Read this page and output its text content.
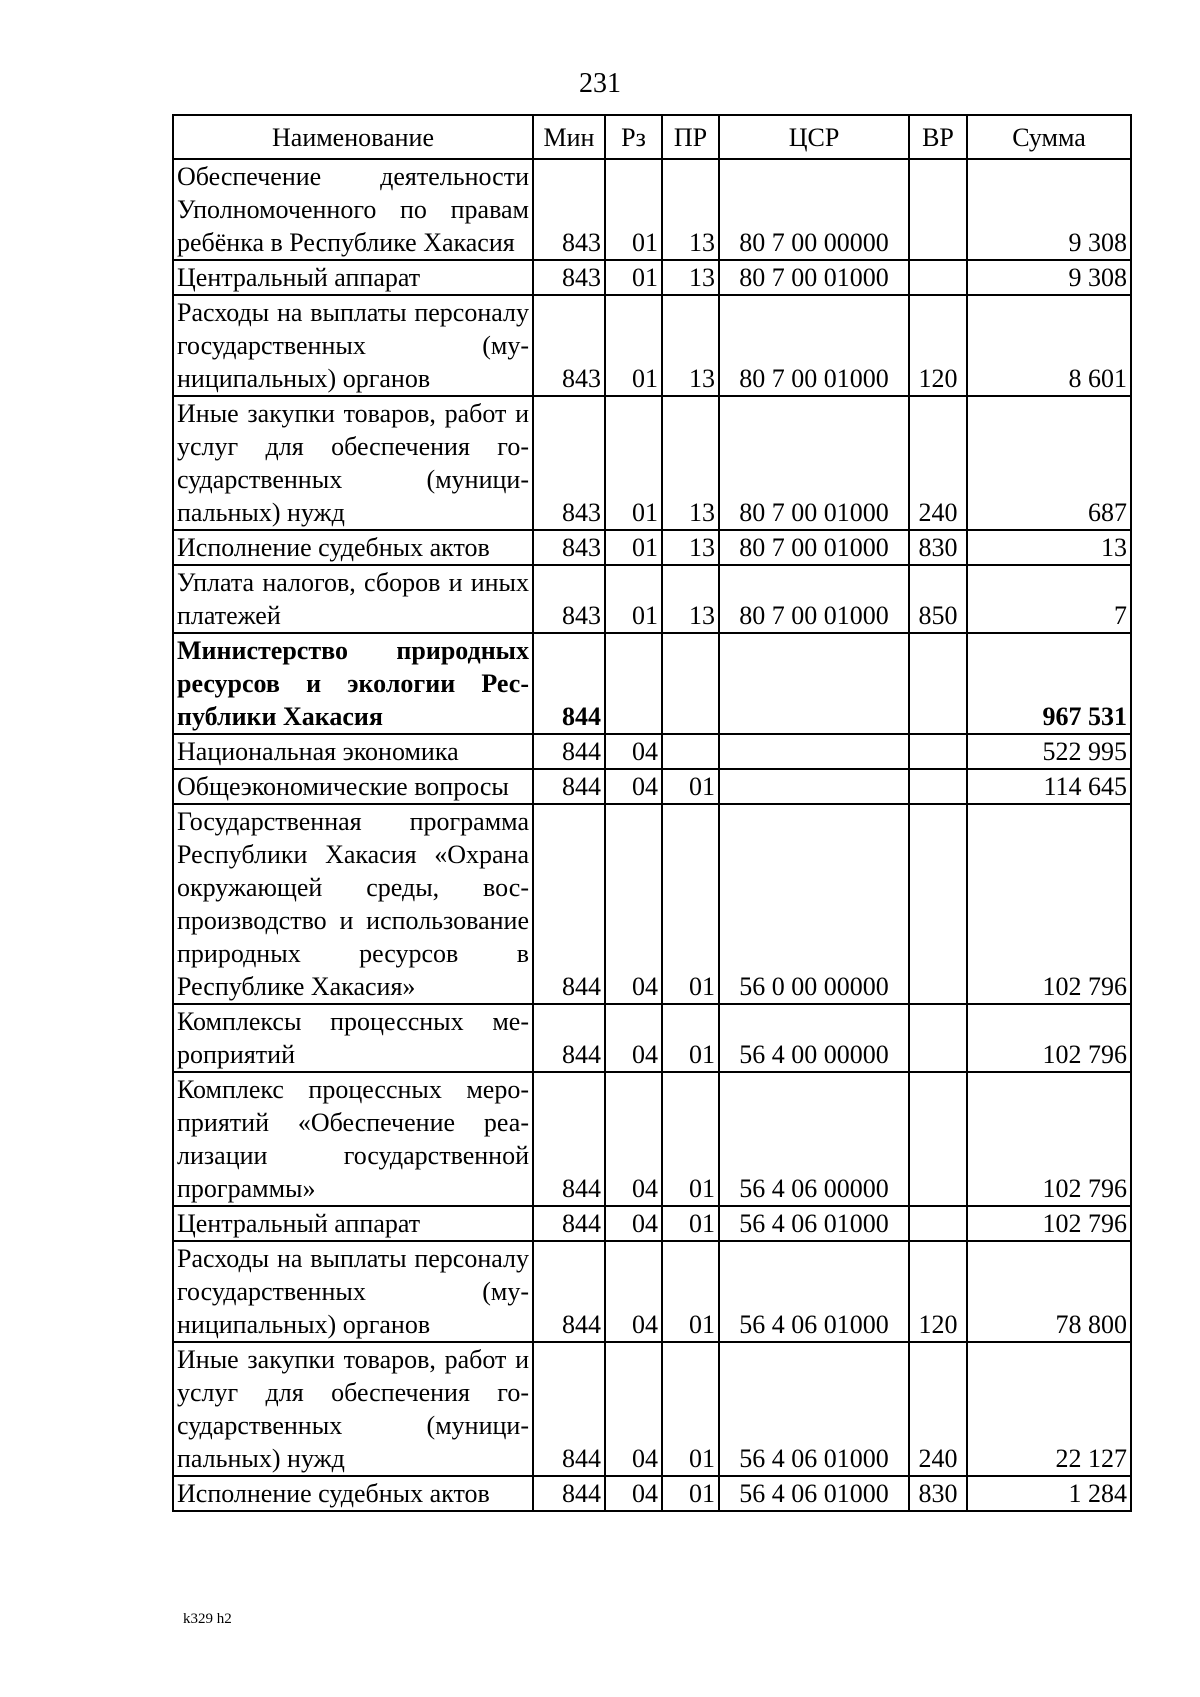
231
Наименование	Мин	Рз	ПР	ЦСР	ВР	Сумма
Обеспечение деятельности Уполномоченного по правам ребёнка в Республике Хакасия	843	01	13	80 7 00 00000		9 308
Центральный аппарат	843	01	13	80 7 00 01000		9 308
Расходы на выплаты персоналу государственных (муниципальных) органов	843	01	13	80 7 00 01000	120	8 601
Иные закупки товаров, работ и услуг для обеспечения государственных (муниципальных) нужд	843	01	13	80 7 00 01000	240	687
Исполнение судебных актов	843	01	13	80 7 00 01000	830	13
Уплата налогов, сборов и иных платежей	843	01	13	80 7 00 01000	850	7
Министерство природных ресурсов и экологии Республики Хакасия	844					967 531
Национальная экономика	844	04				522 995
Общеэкономические вопросы	844	04	01			114 645
Государственная программа Республики Хакасия «Охрана окружающей среды, воспроизводство и использование природных ресурсов в Республике Хакасия»	844	04	01	56 0 00 00000		102 796
Комплексы процессных мероприятий	844	04	01	56 4 00 00000		102 796
Комплекс процессных мероприятий «Обеспечение реализации государственной программы»	844	04	01	56 4 06 00000		102 796
Центральный аппарат	844	04	01	56 4 06 01000		102 796
Расходы на выплаты персоналу государственных (муниципальных) органов	844	04	01	56 4 06 01000	120	78 800
Иные закупки товаров, работ и услуг для обеспечения государственных (муниципальных) нужд	844	04	01	56 4 06 01000	240	22 127
Исполнение судебных актов	844	04	01	56 4 06 01000	830	1 284
k329 h2
